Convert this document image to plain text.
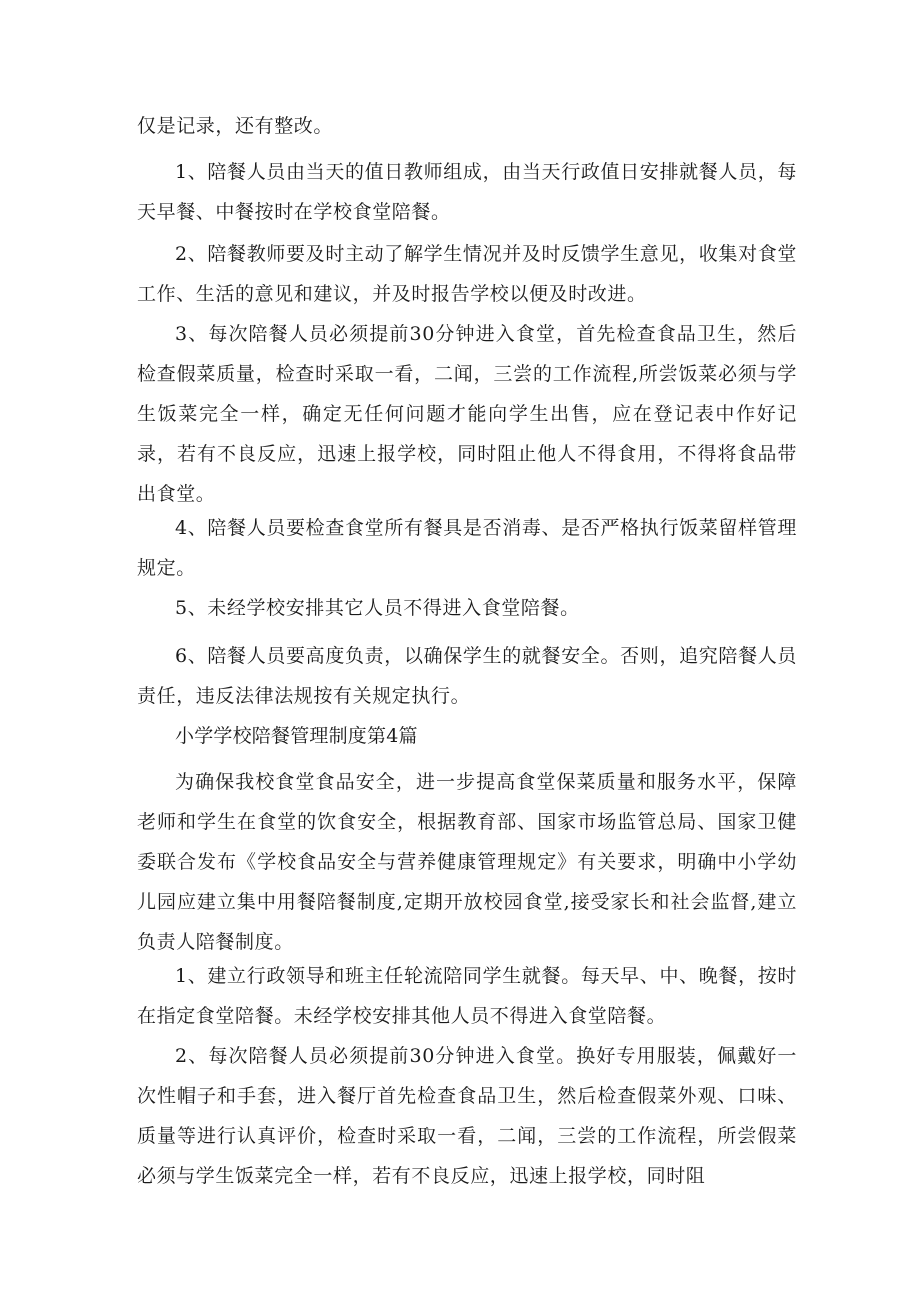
仅是记录，还有整改。

1、陪餐人员由当天的值日教师组成，由当天行政值日安排就餐人员，每天早餐、中餐按时在学校食堂陪餐。

2、陪餐教师要及时主动了解学生情况并及时反馈学生意见，收集对食堂工作、生活的意见和建议，并及时报告学校以便及时改进。

3、每次陪餐人员必须提前30分钟进入食堂，首先检查食品卫生，然后检查假菜质量，检查时采取一看，二闻，三尝的工作流程,所尝饭菜必须与学生饭菜完全一样，确定无任何问题才能向学生出售，应在登记表中作好记录，若有不良反应，迅速上报学校，同时阻止他人不得食用，不得将食品带出食堂。

4、陪餐人员要检查食堂所有餐具是否消毒、是否严格执行饭菜留样管理规定。

5、未经学校安排其它人员不得进入食堂陪餐。

6、陪餐人员要高度负责，以确保学生的就餐安全。否则，追究陪餐人员责任，违反法律法规按有关规定执行。

小学学校陪餐管理制度第4篇

为确保我校食堂食品安全，进一步提高食堂保菜质量和服务水平，保障老师和学生在食堂的饮食安全，根据教育部、国家市场监管总局、国家卫健委联合发布《学校食品安全与营养健康管理规定》有关要求，明确中小学幼儿园应建立集中用餐陪餐制度,定期开放校园食堂,接受家长和社会监督,建立负责人陪餐制度。

1、建立行政领导和班主任轮流陪同学生就餐。每天早、中、晚餐，按时在指定食堂陪餐。未经学校安排其他人员不得进入食堂陪餐。

2、每次陪餐人员必须提前30分钟进入食堂。换好专用服装，佩戴好一次性帽子和手套，进入餐厅首先检查食品卫生，然后检查假菜外观、口味、质量等进行认真评价，检查时采取一看，二闻，三尝的工作流程，所尝假菜必须与学生饭菜完全一样，若有不良反应，迅速上报学校，同时阻
